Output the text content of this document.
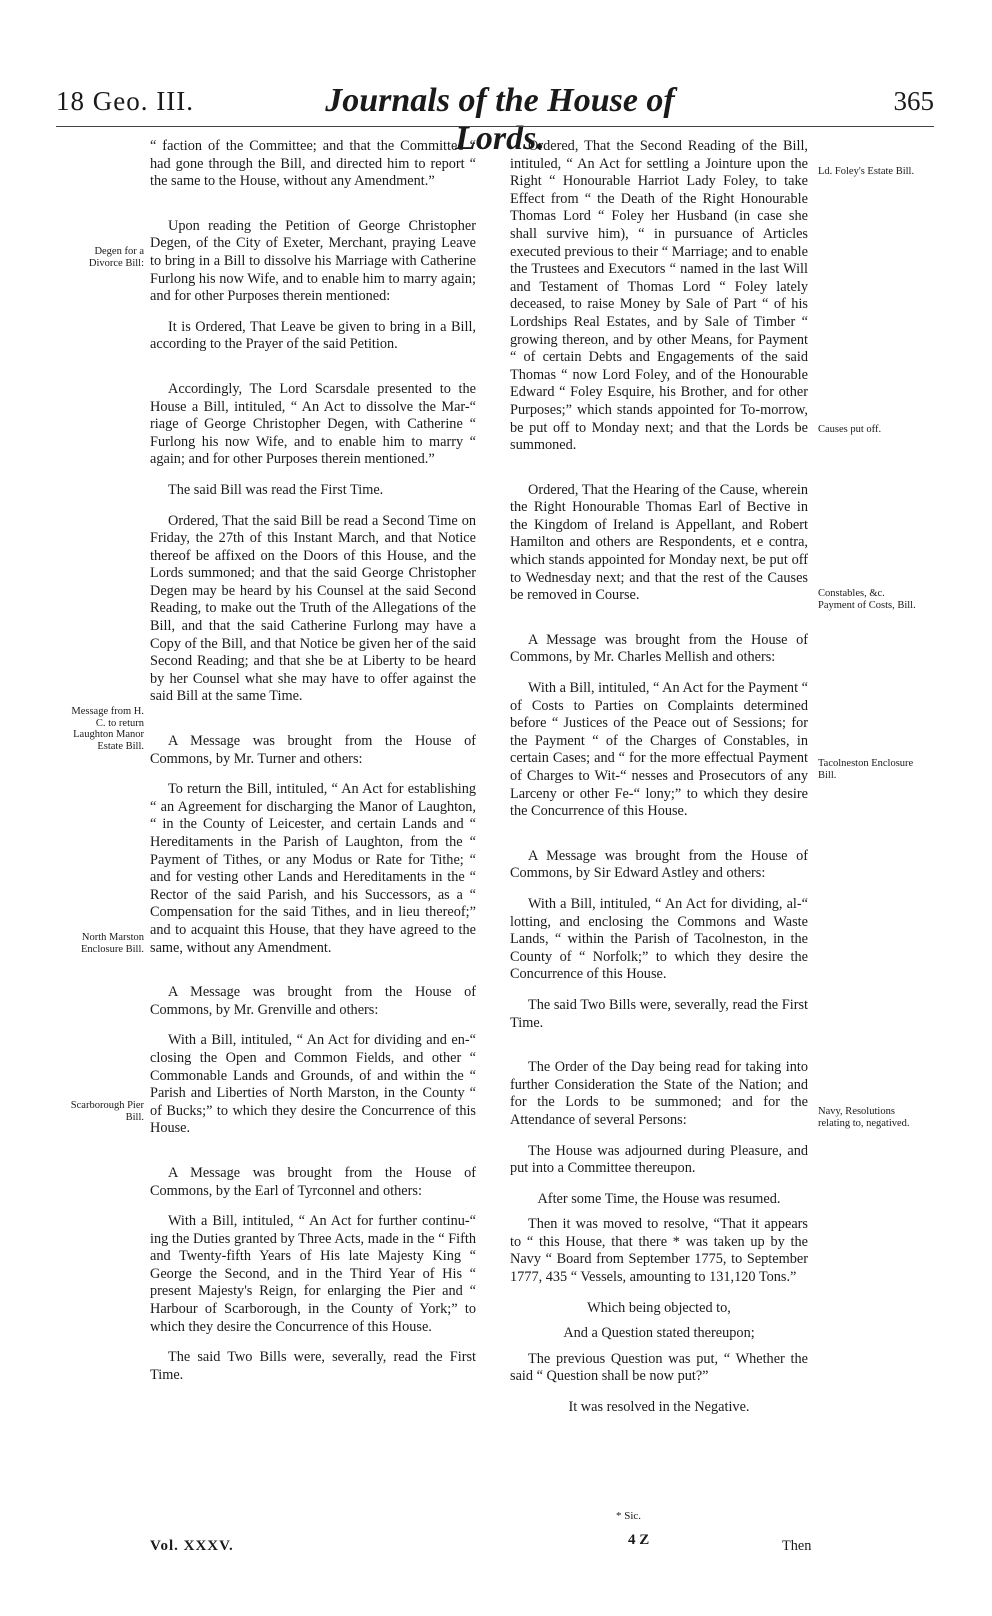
18 Geo. III.	Journals of the House of Lords.
365
Degen for a Divorce Bill:
Message from H. C. to return Laughton Manor Estate Bill.
North Marston Enclosure Bill.
Scarborough Pier Bill.
Ld. Foley's Estate Bill.
Causes put off.
Constables, &c. Payment of Costs, Bill.
Tacolneston Enclosure Bill.
Navy, Resolutions relating to, negatived.

“ faction of the Committee; and that the Committee “ had gone through the Bill, and directed him to report “ the same to the House, without any Amendment.”

Upon reading the Petition of George Christopher Degen, of the City of Exeter, Merchant, praying Leave to bring in a Bill to dissolve his Marriage with Catherine Furlong his now Wife, and to enable him to marry again; and for other Purposes therein mentioned:

It is Ordered, That Leave be given to bring in a Bill, according to the Prayer of the said Petition.

Accordingly, The Lord Scarsdale presented to the House a Bill, intituled, “ An Act to dissolve the Mar-“ riage of George Christopher Degen, with Catherine “ Furlong his now Wife, and to enable him to marry “ again; and for other Purposes therein mentioned.”

The said Bill was read the First Time.

Ordered, That the said Bill be read a Second Time on Friday, the 27th of this Instant March, and that Notice thereof be affixed on the Doors of this House, and the Lords summoned; and that the said George Christopher Degen may be heard by his Counsel at the said Second Reading, to make out the Truth of the Allegations of the Bill, and that the said Catherine Furlong may have a Copy of the Bill, and that Notice be given her of the said Second Reading; and that she be at Liberty to be heard by her Counsel what she may have to offer against the said Bill at the same Time.

A Message was brought from the House of Commons, by Mr. Turner and others:

To return the Bill, intituled, “ An Act for establishing “ an Agreement for discharging the Manor of Laughton, “ in the County of Leicester, and certain Lands and “ Hereditaments in the Parish of Laughton, from the “ Payment of Tithes, or any Modus or Rate for Tithe; “ and for vesting other Lands and Hereditaments in the “ Rector of the said Parish, and his Successors, as a “ Compensation for the said Tithes, and in lieu thereof;” and to acquaint this House, that they have agreed to the same, without any Amendment.

A Message was brought from the House of Commons, by Mr. Grenville and others:

With a Bill, intituled, “ An Act for dividing and en-“ closing the Open and Common Fields, and other “ Commonable Lands and Grounds, of and within the “ Parish and Liberties of North Marston, in the County “ of Bucks;” to which they desire the Concurrence of this House.

A Message was brought from the House of Commons, by the Earl of Tyrconnel and others:

With a Bill, intituled, “ An Act for further continu-“ ing the Duties granted by Three Acts, made in the “ Fifth and Twenty-fifth Years of His late Majesty King “ George the Second, and in the Third Year of His “ present Majesty's Reign, for enlarging the Pier and “ Harbour of Scarborough, in the County of York;” to which they desire the Concurrence of this House.

The said Two Bills were, severally, read the First Time.

Ordered, That the Second Reading of the Bill, intituled, “ An Act for settling a Jointure upon the Right “ Honourable Harriot Lady Foley, to take Effect from “ the Death of the Right Honourable Thomas Lord “ Foley her Husband (in case she shall survive him), “ in pursuance of Articles executed previous to their “ Marriage; and to enable the Trustees and Executors “ named in the last Will and Testament of Thomas Lord “ Foley lately deceased, to raise Money by Sale of Part “ of his Lordships Real Estates, and by Sale of Timber “ growing thereon, and by other Means, for Payment “ of certain Debts and Engagements of the said Thomas “ now Lord Foley, and of the Honourable Edward “ Foley Esquire, his Brother, and for other Purposes;” which stands appointed for To-morrow, be put off to Monday next; and that the Lords be summoned.

Ordered, That the Hearing of the Cause, wherein the Right Honourable Thomas Earl of Bective in the Kingdom of Ireland is Appellant, and Robert Hamilton and others are Respondents, et e contra, which stands appointed for Monday next, be put off to Wednesday next; and that the rest of the Causes be removed in Course.

A Message was brought from the House of Commons, by Mr. Charles Mellish and others:

With a Bill, intituled, “ An Act for the Payment “ of Costs to Parties on Complaints determined before “ Justices of the Peace out of Sessions; for the Payment “ of the Charges of Constables, in certain Cases; and “ for the more effectual Payment of Charges to Wit-“ nesses and Prosecutors of any Larceny or other Fe-“ lony;” to which they desire the Concurrence of this House.

A Message was brought from the House of Commons, by Sir Edward Astley and others:

With a Bill, intituled, “ An Act for dividing, al-“ lotting, and enclosing the Commons and Waste Lands, “ within the Parish of Tacolneston, in the County of “ Norfolk;” to which they desire the Concurrence of this House.

The said Two Bills were, severally, read the First Time.

The Order of the Day being read for taking into further Consideration the State of the Nation; and for the Lords to be summoned; and for the Attendance of several Persons:

The House was adjourned during Pleasure, and put into a Committee thereupon.

After some Time, the House was resumed.

Then it was moved to resolve, “That it appears to “ this House, that there * was taken up by the Navy “ Board from September 1775, to September 1777, 435 “ Vessels, amounting to 131,120 Tons.”

Which being objected to,

And a Question stated thereupon;

The previous Question was put, “ Whether the said “ Question shall be now put?”

It was resolved in the Negative.

Vol. XXXV.
* Sic.
4 Z	Then
